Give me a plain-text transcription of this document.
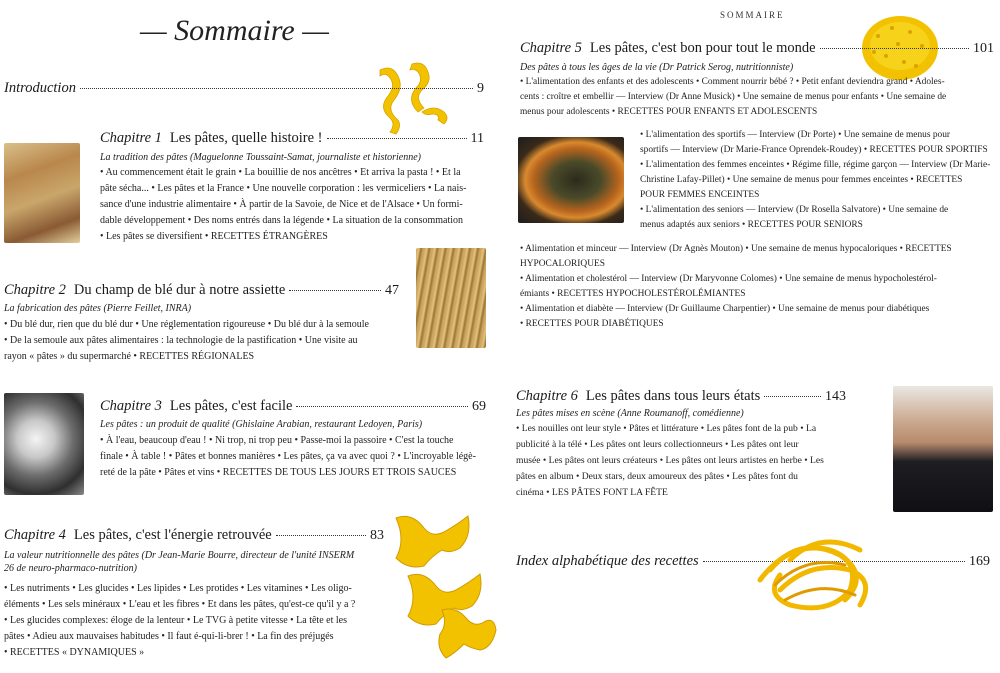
— Sommaire —
Introduction	9
Chapitre 1 Les pâtes, quelle histoire !	11
La tradition des pâtes (Maguelonne Toussaint-Samat, journaliste et historienne)
• Au commencement était le grain • La bouillie de nos ancêtres • Et arriva la pasta ! • Et la
pâte sécha... • Les pâtes et la France • Une nouvelle corporation : les vermiceliers • La nais-
sance d'une industrie alimentaire • À partir de la Savoie, de Nice et de l'Alsace • Un formi-
dable développement • Des noms entrés dans la légende • La situation de la consommation
• Les pâtes se diversifient • RECETTES ÉTRANGÈRES
Chapitre 2 Du champ de blé dur à notre assiette	47
La fabrication des pâtes (Pierre Feillet, INRA)
• Du blé dur, rien que du blé dur • Une réglementation rigoureuse • Du blé dur à la semoule
• De la semoule aux pâtes alimentaires : la technologie de la pastification • Une visite au
rayon « pâtes » du supermarché • RECETTES RÉGIONALES
Chapitre 3 Les pâtes, c'est facile	69
Les pâtes : un produit de qualité (Ghislaine Arabian, restaurant Ledoyen, Paris)
• À l'eau, beaucoup d'eau ! • Ni trop, ni trop peu • Passe-moi la passoire • C'est la touche
finale • À table ! • Pâtes et bonnes manières • Les pâtes, ça va avec quoi ? • L'incroyable légè-
reté de la pâte • Pâtes et vins • RECETTES DE TOUS LES JOURS ET TROIS SAUCES
Chapitre 4 Les pâtes, c'est l'énergie retrouvée	83
La valeur nutritionnelle des pâtes (Dr Jean-Marie Bourre, directeur de l'unité INSERM
26 de neuro-pharmaco-nutrition)
• Les nutriments • Les glucides • Les lipides • Les protides • Les vitamines • Les oligo-
éléments • Les sels minéraux • L'eau et les fibres • Et dans les pâtes, qu'est-ce qu'il y a ?
• Les glucides complexes: éloge de la lenteur • Le TVG à petite vitesse • La tête et les
pâtes • Adieu aux mauvaises habitudes • Il faut é-qui-li-brer ! • La fin des préjugés
• RECETTES « DYNAMIQUES »
SOMMAIRE
Chapitre 5 Les pâtes, c'est bon pour tout le monde	101
Des pâtes à tous les âges de la vie (Dr Patrick Serog, nutritionniste)
• L'alimentation des enfants et des adolescents • Comment nourrir bébé ? • Petit enfant deviendra grand • Adoles-
cents : croître et embellir — Interview (Dr Anne Musick) • Une semaine de menus pour enfants • Une semaine de
menus pour adolescents • RECETTES POUR ENFANTS ET ADOLESCENTS
• L'alimentation des sportifs — Interview (Dr Porte) • Une semaine de menus pour
sportifs — Interview (Dr Marie-France Oprendek-Roudey) • RECETTES POUR SPORTIFS
• L'alimentation des femmes enceintes • Régime fille, régime garçon — Interview (Dr Marie-
Christine Lafay-Pillet) • Une semaine de menus pour femmes enceintes • RECETTES
POUR FEMMES ENCEINTES
• L'alimentation des seniors — Interview (Dr Rosella Salvatore) • Une semaine de
menus adaptés aux seniors • RECETTES POUR SENIORS
• Alimentation et minceur — Interview (Dr Agnès Mouton) • Une semaine de menus hypocaloriques • RECETTES
HYPOCALORIQUES
• Alimentation et cholestérol — Interview (Dr Maryvonne Colomes) • Une semaine de menus hypocholestérol-
émiants • RECETTES HYPOCHOLESTÉROLÉMIANTES
• Alimentation et diabète — Interview (Dr Guillaume Charpentier) • Une semaine de menus pour diabétiques
• RECETTES POUR DIABÉTIQUES
Chapitre 6 Les pâtes dans tous leurs états	143
Les pâtes mises en scène (Anne Roumanoff, comédienne)
• Les nouilles ont leur style • Pâtes et littérature • Les pâtes font de la pub • La
publicité à la télé • Les pâtes ont leurs collectionneurs • Les pâtes ont leur
musée • Les pâtes ont leurs créateurs • Les pâtes ont leurs artistes en herbe • Les
pâtes en album • Deux stars, deux amoureux des pâtes • Les pâtes font du
cinéma • LES PÂTES FONT LA FÊTE
Index alphabétique des recettes	169
